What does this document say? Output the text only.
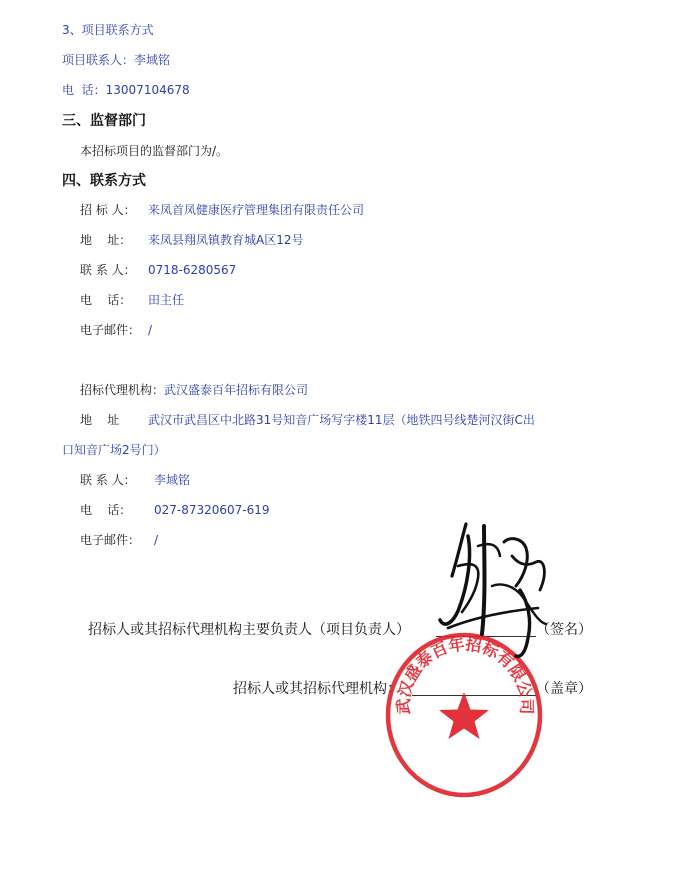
3、项目联系方式
项目联系人：李域铭
电  话：13007104678
三、监督部门
本招标项目的监督部门为/。
四、联系方式
招 标 人： 来凤首凤健康医疗管理集团有限责任公司
地    址： 来凤县翔凤镇教育城A区12号
联 系 人： 0718-6280567
电    话： 田主任
电子邮件： /
招标代理机构：武汉盛泰百年招标有限公司
地    址 武汉市武昌区中北路31号知音广场写字楼11层（地铁四号线楚河汉街C出
口知音广场2号门）
联 系 人： 李域铭
电    话： 027-87320607-619
电子邮件： /
招标人或其招标代理机构主要负责人（项目负责人）	（签名）
招标人或其招标代理机构：	（盖章）
武汉盛泰百年招标有限公司
